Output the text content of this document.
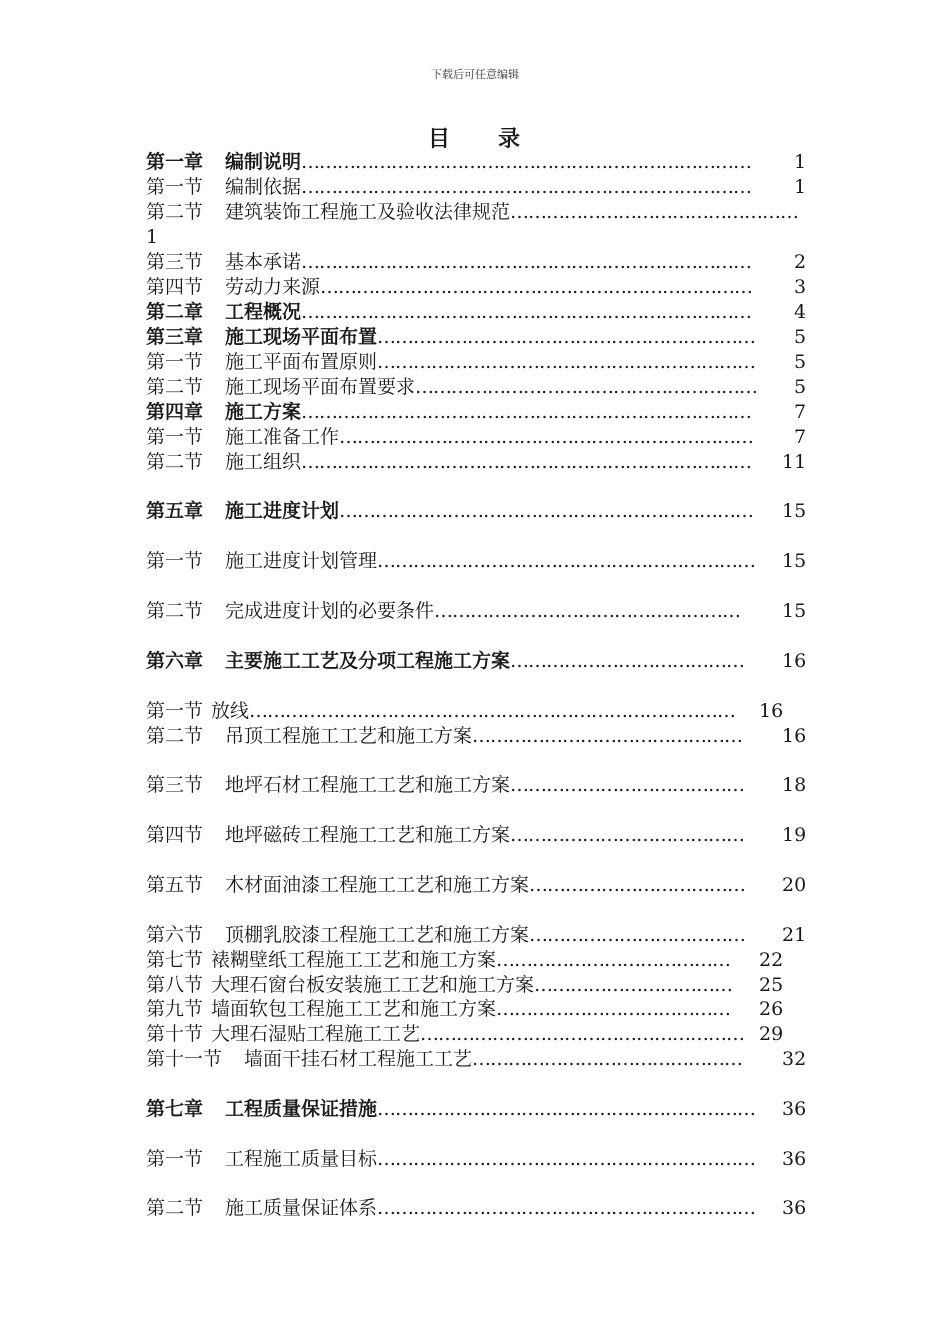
下载后可任意编辑
目 录
第一章 编制说明………………………………………………………………… 1
第一节 编制依据………………………………………………………………… 1
第二节 建筑装饰工程施工及验收法律规范…………………………………………
1
第三节 基本承诺………………………………………………………………… 2
第四节 劳动力来源……………………………………………………………… 3
第二章 工程概况………………………………………………………………… 4
第三章 施工现场平面布置……………………………………………………… 5
第一节 施工平面布置原则……………………………………………………… 5
第二节 施工现场平面布置要求………………………………………………… 5
第四章 施工方案………………………………………………………………… 7
第一节 施工准备工作…………………………………………………………… 7
第二节 施工组织………………………………………………………………… 11
第五章 施工进度计划…………………………………………………………… 15
第一节 施工进度计划管理……………………………………………………… 15
第二节 完成进度计划的必要条件…………………………………………… 15
第六章 主要施工工艺及分项工程施工方案………………………………… 16
第一节 放线……………………………………………………………………… 16
第二节 吊顶工程施工工艺和施工方案……………………………………… 16
第三节 地坪石材工程施工工艺和施工方案………………………………… 18
第四节 地坪磁砖工程施工工艺和施工方案………………………………… 19
第五节 木材面油漆工程施工工艺和施工方案……………………………… 20
第六节 顶棚乳胶漆工程施工工艺和施工方案……………………………… 21
第七节 裱糊壁纸工程施工工艺和施工方案………………………………… 22
第八节 大理石窗台板安装施工工艺和施工方案…………………………… 25
第九节 墙面软包工程施工工艺和施工方案………………………………… 26
第十节 大理石湿贴工程施工工艺……………………………………………… 29
第十一节 墙面干挂石材工程施工工艺……………………………………… 32
第七章 工程质量保证措施……………………………………………………… 36
第一节 工程施工质量目标……………………………………………………… 36
第二节 施工质量保证体系……………………………………………………… 36
